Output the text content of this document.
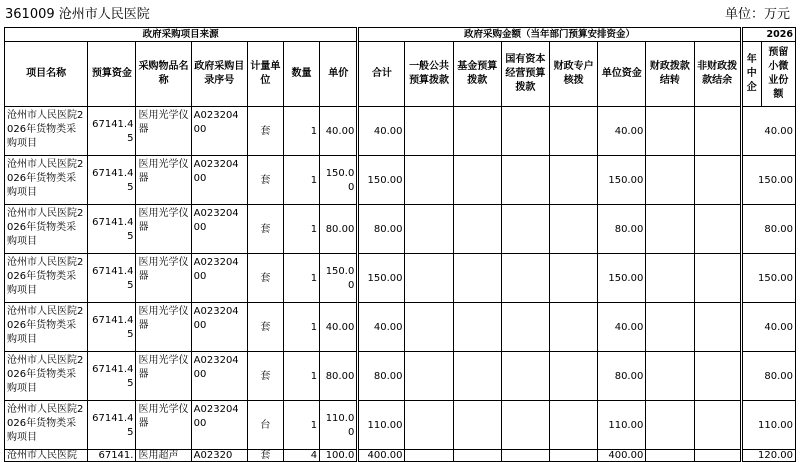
361009 沧州市人民医院	单位：万元
政府采购项目来源							政府采购金额（当年部门预算安排资金）								2026	
项目名称	预算资金	采购物品名称	政府采购目录序号	计量单位	数量	单价	合计	一般公共预算拨款	基金预算拨款	国有资本经营预算拨款	财政专户核拨	单位资金	财政拨款结转	非财政拨款结余	年中企	预留小微业份额
沧州市人民医院2026年货物类采购项目	67141.45	医用光学仪器	A02320400	套	1	40.00	40.00					40.00			40.00	
沧州市人民医院2026年货物类采购项目	67141.45	医用光学仪器	A02320400	套	1	150.00	150.00					150.00			150.00	
沧州市人民医院2026年货物类采购项目	67141.45	医用光学仪器	A02320400	套	1	80.00	80.00					80.00			80.00	
沧州市人民医院2026年货物类采购项目	67141.45	医用光学仪器	A02320400	套	1	150.00	150.00					150.00			150.00	
沧州市人民医院2026年货物类采购项目	67141.45	医用光学仪器	A02320400	套	1	40.00	40.00					40.00			40.00	
沧州市人民医院2026年货物类采购项目	67141.45	医用光学仪器	A02320400	套	1	80.00	80.00					80.00			80.00	
沧州市人民医院2026年货物类采购项目	67141.45	医用光学仪器	A02320400	台	1	110.00	110.00					110.00			110.00	
沧州市人民医院	67141.	医用超声	A02320	套	4	100.0	400.00					400.00			120.00	
